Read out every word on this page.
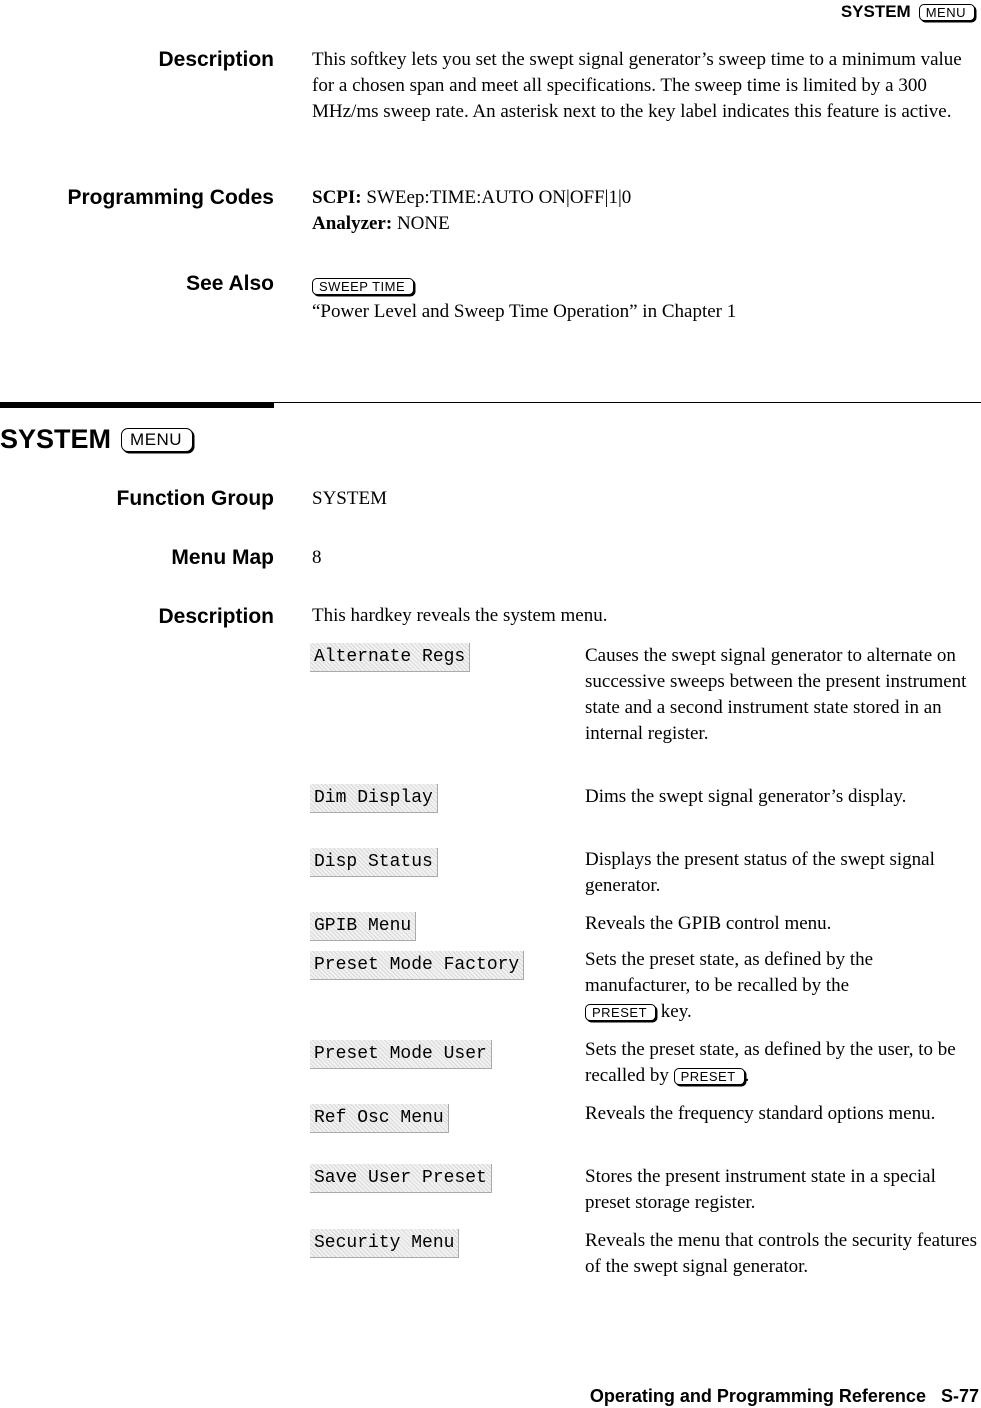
SYSTEM	MENU
Description This softkey lets you set the swept signal generator’s sweep time to a minimum value for a chosen span and meet all specifications. The sweep time is limited by a 300 MHz/ms sweep rate. An asterisk next to the key label indicates this feature is active.
Programming Codes SCPI: SWEep:TIME:AUTO ON|OFF|1|0
Analyzer: NONE
See Also	SWEEP TIME
“Power Level and Sweep Time Operation” in Chapter 1
SYSTEM	MENU
Function Group SYSTEM
Menu Map 8
Description This hardkey reveals the system menu.
Alternate Regs	Causes the swept signal generator to alternate on successive sweeps between the present instrument state and a second instrument state stored in an internal register.
Dim Display	Dims the swept signal generator’s display.
Disp Status	Displays the present status of the swept signal generator.
GPIB Menu	Reveals the GPIB control menu.
Preset Mode Factory	Sets the preset state, as defined by the manufacturer, to be recalled by the
PRESET key.
Preset Mode User	Sets the preset state, as defined by the user, to be recalled by PRESET .
Ref Osc Menu	Reveals the frequency standard options menu.
Save User Preset	Stores the present instrument state in a special preset storage register.
Security Menu	Reveals the menu that controls the security features of the swept signal generator.
Operating and Programming Reference S-77
